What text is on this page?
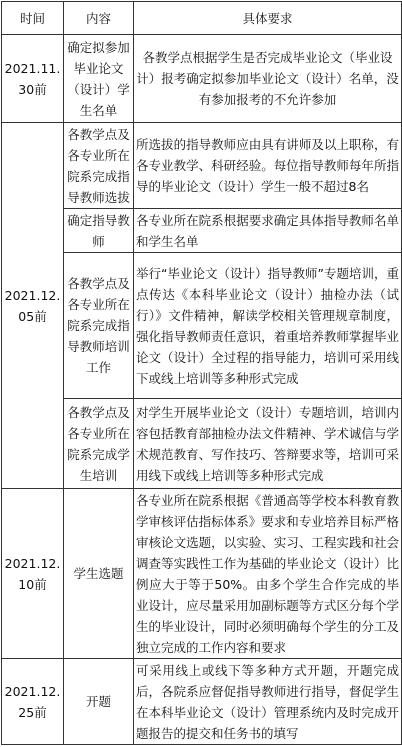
时间	内容	具体要求
2021.11.30前	确定拟参加毕业论文（设计）学生名单	各教学点根据学生是否完成毕业论文（毕业设计）报考确定拟参加毕业论文（设计）名单，没有参加报考的不允许参加
2021.12.05前	各教学点及各专业所在院系完成指导教师选拔	所选拔的指导教师应由具有讲师及以上职称，有各专业教学、科研经验。每位指导教师每年所指导的毕业论文（设计）学生一般不超过8名
	确定指导教师	各专业所在院系根据要求确定具体指导教师名单和学生名单
	各教学点及各专业所在院系完成指导教师培训工作	举行“毕业论文（设计）指导教师”专题培训，重点传达《本科毕业论文（设计）抽检办法（试行）》文件精神，解读学校相关管理规章制度，强化指导教师责任意识，着重培养教师掌握毕业论文（设计）全过程的指导能力，培训可采用线下或线上培训等多种形式完成
	各教学点及各专业所在院系完成学生培训	对学生开展毕业论文（设计）专题培训，培训内容包括教育部抽检办法文件精神、学术诚信与学术规范教育、写作技巧、答辩要求等，培训可采用线下或线上培训等多种形式完成
2021.12.10前	学生选题	各专业所在院系根据《普通高等学校本科教育教学审核评估指标体系》要求和专业培养目标严格审核论文选题，以实验、实习、工程实践和社会调查等实践性工作为基础的毕业论文（设计）比例应大于等于50%。由多个学生合作完成的毕业设计，应尽量采用加副标题等方式区分每个学生的毕业设计，同时必须明确每个学生的分工及独立完成的工作内容和要求
2021.12.25前	开题	可采用线上或线下等多种方式开题，开题完成后，各院系应督促指导教师进行指导，督促学生在本科毕业论文（设计）管理系统内及时完成开题报告的提交和任务书的填写
